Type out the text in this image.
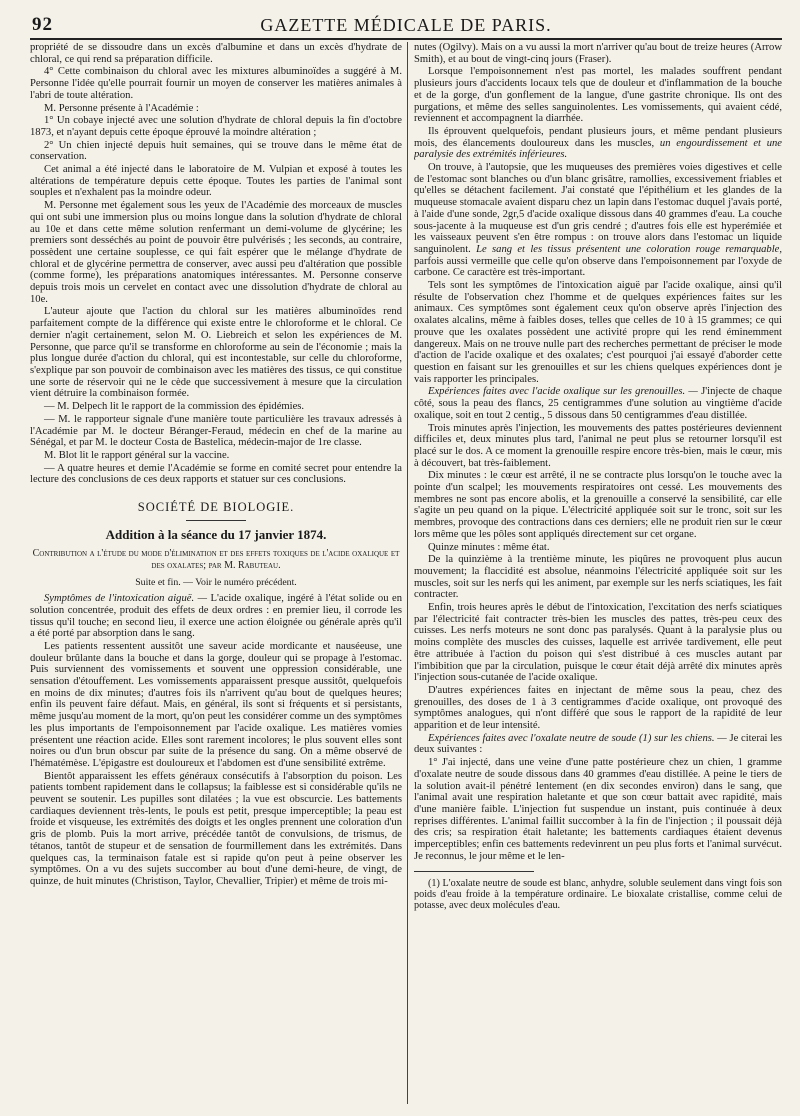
92	GAZETTE MÉDICALE DE PARIS.

propriété de se dissoudre dans un excès d'albumine et dans un excès d'hydrate de chloral, ce qui rend sa préparation difficile.

4° Cette combinaison du chloral avec les mixtures albuminoïdes a suggéré à M. Personne l'idée qu'elle pourrait fournir un moyen de conserver les matières animales à l'abri de toute altération.

M. Personne présente à l'Académie :

1° Un cobaye injecté avec une solution d'hydrate de chloral depuis la fin d'octobre 1873, et n'ayant depuis cette époque éprouvé la moindre altération ;

2° Un chien injecté depuis huit semaines, qui se trouve dans le même état de conservation.

Cet animal a été injecté dans le laboratoire de M. Vulpian et exposé à toutes les altérations de température depuis cette époque. Toutes les parties de l'animal sont souples et n'exhalent pas la moindre odeur.

M. Personne met également sous les yeux de l'Académie des morceaux de muscles qui ont subi une immersion plus ou moins longue dans la solution d'hydrate de chloral au 10e et dans cette même solution renfermant un demi-volume de glycérine; les premiers sont desséchés au point de pouvoir être pulvérisés ; les seconds, au contraire, possèdent une certaine souplesse, ce qui fait espérer que le mélange d'hydrate de chloral et de glycérine permettra de conserver, avec aussi peu d'altération que possible (comme forme), les préparations anatomiques intéressantes. M. Personne conserve depuis trois mois un cervelet en contact avec une dissolution d'hydrate de chloral au 10e.

L'auteur ajoute que l'action du chloral sur les matières albuminoïdes rend parfaitement compte de la différence qui existe entre le chloroforme et le chloral. Ce dernier n'agit certainement, selon M. O. Liebreich et selon les expériences de M. Personne, que parce qu'il se transforme en chloroforme au sein de l'économie ; mais la plus longue durée d'action du chloral, qui est incontestable, sur celle du chloroforme, s'explique par son pouvoir de combinaison avec les matières des tissus, ce qui constitue une sorte de réservoir qui ne le cède que successivement à mesure que la circulation vient détruire la combinaison formée.

— M. Delpech lit le rapport de la commission des épidémies.

— M. le rapporteur signale d'une manière toute particulière les travaux adressés à l'Académie par M. le docteur Béranger-Feraud, médecin en chef de la marine au Sénégal, et par M. le docteur Costa de Bastelica, médecin-major de 1re classe.

M. Blot lit le rapport général sur la vaccine.

— A quatre heures et demie l'Académie se forme en comité secret pour entendre la lecture des conclusions de ces deux rapports et statuer sur ces conclusions.

SOCIÉTÉ DE BIOLOGIE.

Addition à la séance du 17 janvier 1874.

Contribution a l'étude du mode d'élimination et des effets toxiques de l'acide oxalique et des oxalates; par M. Rabuteau.

Suite et fin. — Voir le numéro précédent.

Symptômes de l'intoxication aiguë. — L'acide oxalique, ingéré à l'état solide ou en solution concentrée, produit des effets de deux ordres : en premier lieu, il corrode les tissus qu'il touche; en second lieu, il exerce une action éloignée ou générale après qu'il a été porté par absorption dans le sang.

Les patients ressentent aussitôt une saveur acide mordicante et nauséeuse, une douleur brûlante dans la bouche et dans la gorge, douleur qui se propage à l'estomac. Puis surviennent des vomissements et souvent une oppression considérable, une sensation d'étouffement. Les vomissements apparaissent presque aussitôt, quelquefois en moins de dix minutes; d'autres fois ils n'arrivent qu'au bout de quelques heures; enfin ils peuvent faire défaut. Mais, en général, ils sont si fréquents et si persistants, même jusqu'au moment de la mort, qu'on peut les considérer comme un des symptômes les plus importants de l'empoisonnement par l'acide oxalique. Les matières vomies présentent une réaction acide. Elles sont rarement incolores; le plus souvent elles sont noires ou d'un brun obscur par suite de la présence du sang. On a même observé de l'hématémèse. L'épigastre est douloureux et l'abdomen est d'une sensibilité extrême.

Bientôt apparaissent les effets généraux consécutifs à l'absorption du poison. Les patients tombent rapidement dans le collapsus; la faiblesse est si considérable qu'ils ne peuvent se soutenir. Les pupilles sont dilatées ; la vue est obscurcie. Les battements cardiaques deviennent très-lents, le pouls est petit, presque imperceptible; la peau est froide et visqueuse, les extrémités des doigts et les ongles prennent une coloration d'un gris de plomb. Puis la mort arrive, précédée tantôt de convulsions, de trismus, de tétanos, tantôt de stupeur et de sensation de fourmillement dans les extrémités. Dans quelques cas, la terminaison fatale est si rapide qu'on peut à peine observer les symptômes. On a vu des sujets succomber au bout d'une demi-heure, de vingt, de quinze, de huit minutes (Christison, Taylor, Chevallier, Tripier) et même de trois mi-

nutes (Ogilvy). Mais on a vu aussi la mort n'arriver qu'au bout de treize heures (Arrow Smith), et au bout de vingt-cinq jours (Fraser).

Lorsque l'empoisonnement n'est pas mortel, les malades souffrent pendant plusieurs jours d'accidents locaux tels que de douleur et d'inflammation de la bouche et de la gorge, d'un gonflement de la langue, d'une gastrite chronique. Ils ont des purgations, et même des selles sanguinolentes. Les vomissements, qui avaient cédé, reviennent et accompagnent la diarrhée.

Ils éprouvent quelquefois, pendant plusieurs jours, et même pendant plusieurs mois, des élancements douloureux dans les muscles, un engourdissement et une paralysie des extrémités inférieures.

On trouve, à l'autopsie, que les muqueuses des premières voies digestives et celle de l'estomac sont blanches ou d'un blanc grisâtre, ramollies, excessivement friables et qu'elles se détachent facilement. J'ai constaté que l'épithélium et les glandes de la muqueuse stomacale avaient disparu chez un lapin dans l'estomac duquel j'avais porté, à l'aide d'une sonde, 2gr,5 d'acide oxalique dissous dans 40 grammes d'eau. La couche sous-jacente à la muqueuse est d'un gris cendré ; d'autres fois elle est hyperémiée et les vaisseaux peuvent s'en être rompus : on trouve alors dans l'estomac un liquide sanguinolent. Le sang et les tissus présentent une coloration rouge remarquable, parfois aussi vermeille que celle qu'on observe dans l'empoisonnement par l'oxyde de carbone. Ce caractère est très-important.

Tels sont les symptômes de l'intoxication aiguë par l'acide oxalique, ainsi qu'il résulte de l'observation chez l'homme et de quelques expériences faites sur les animaux. Ces symptômes sont également ceux qu'on observe après l'injection des oxalates alcalins, même à faibles doses, telles que celles de 10 à 15 grammes; ce qui prouve que les oxalates possèdent une activité propre qui les rend éminemment dangereux. Mais on ne trouve nulle part des recherches permettant de préciser le mode d'action de l'acide oxalique et des oxalates; c'est pourquoi j'ai essayé d'aborder cette question en faisant sur les grenouilles et sur les chiens quelques expériences dont je vais rapporter les principales.

Expériences faites avec l'acide oxalique sur les grenouilles. — J'injecte de chaque côté, sous la peau des flancs, 25 centigrammes d'une solution au vingtième d'acide oxalique, soit en tout 2 centig., 5 dissous dans 50 centigrammes d'eau distillée.

Trois minutes après l'injection, les mouvements des pattes postérieures deviennent difficiles et, deux minutes plus tard, l'animal ne peut plus se retourner lorsqu'il est placé sur le dos. A ce moment la grenouille respire encore très-bien, mais le cœur, mis à découvert, bat très-faiblement.

Dix minutes : le cœur est arrêté, il ne se contracte plus lorsqu'on le touche avec la pointe d'un scalpel; les mouvements respiratoires ont cessé. Les mouvements des membres ne sont pas encore abolis, et la grenouille a conservé la sensibilité, car elle s'agite un peu quand on la pique. L'électricité appliquée soit sur le tronc, soit sur les membres, provoque des contractions dans ces derniers; elle ne produit rien sur le cœur lors même que les pôles sont appliqués directement sur cet organe.

Quinze minutes : même état.

De la quinzième à la trentième minute, les piqûres ne provoquent plus aucun mouvement; la flaccidité est absolue, néanmoins l'électricité appliquée soit sur les muscles, soit sur les nerfs qui les animent, par exemple sur les nerfs sciatiques, les fait contracter.

Enfin, trois heures après le début de l'intoxication, l'excitation des nerfs sciatiques par l'électricité fait contracter très-bien les muscles des pattes, très-peu ceux des cuisses. Les nerfs moteurs ne sont donc pas paralysés. Quant à la paralysie plus ou moins complète des muscles des cuisses, laquelle est arrivée tardivement, elle peut être attribuée à l'action du poison qui s'est distribué à ces muscles autant par l'imbibition que par la circulation, puisque le cœur était déjà arrêté dix minutes après l'injection sous-cutanée de l'acide oxalique.

D'autres expériences faites en injectant de même sous la peau, chez des grenouilles, des doses de 1 à 3 centigrammes d'acide oxalique, ont provoqué des symptômes analogues, qui n'ont différé que sous le rapport de la rapidité de leur apparition et de leur intensité.

Expériences faites avec l'oxalate neutre de soude (1) sur les chiens. — Je citerai les deux suivantes :

1° J'ai injecté, dans une veine d'une patte postérieure chez un chien, 1 gramme d'oxalate neutre de soude dissous dans 40 grammes d'eau distillée. A peine le tiers de la solution avait-il pénétré lentement (en dix secondes environ) dans le sang, que l'animal avait une respiration haletante et que son cœur battait avec rapidité, mais d'une manière faible. L'injection fut suspendue un instant, puis continuée à deux reprises différentes. L'animal faillit succomber à la fin de l'injection ; il poussait déjà des cris; sa respiration était haletante; les battements cardiaques étaient devenus imperceptibles; enfin ces battements redevinrent un peu plus forts et l'animal survécut. Je reconnus, le jour même et le len-

(1) L'oxalate neutre de soude est blanc, anhydre, soluble seulement dans vingt fois son poids d'eau froide à la température ordinaire. Le bioxalate cristallise, comme celui de potasse, avec deux molécules d'eau.
